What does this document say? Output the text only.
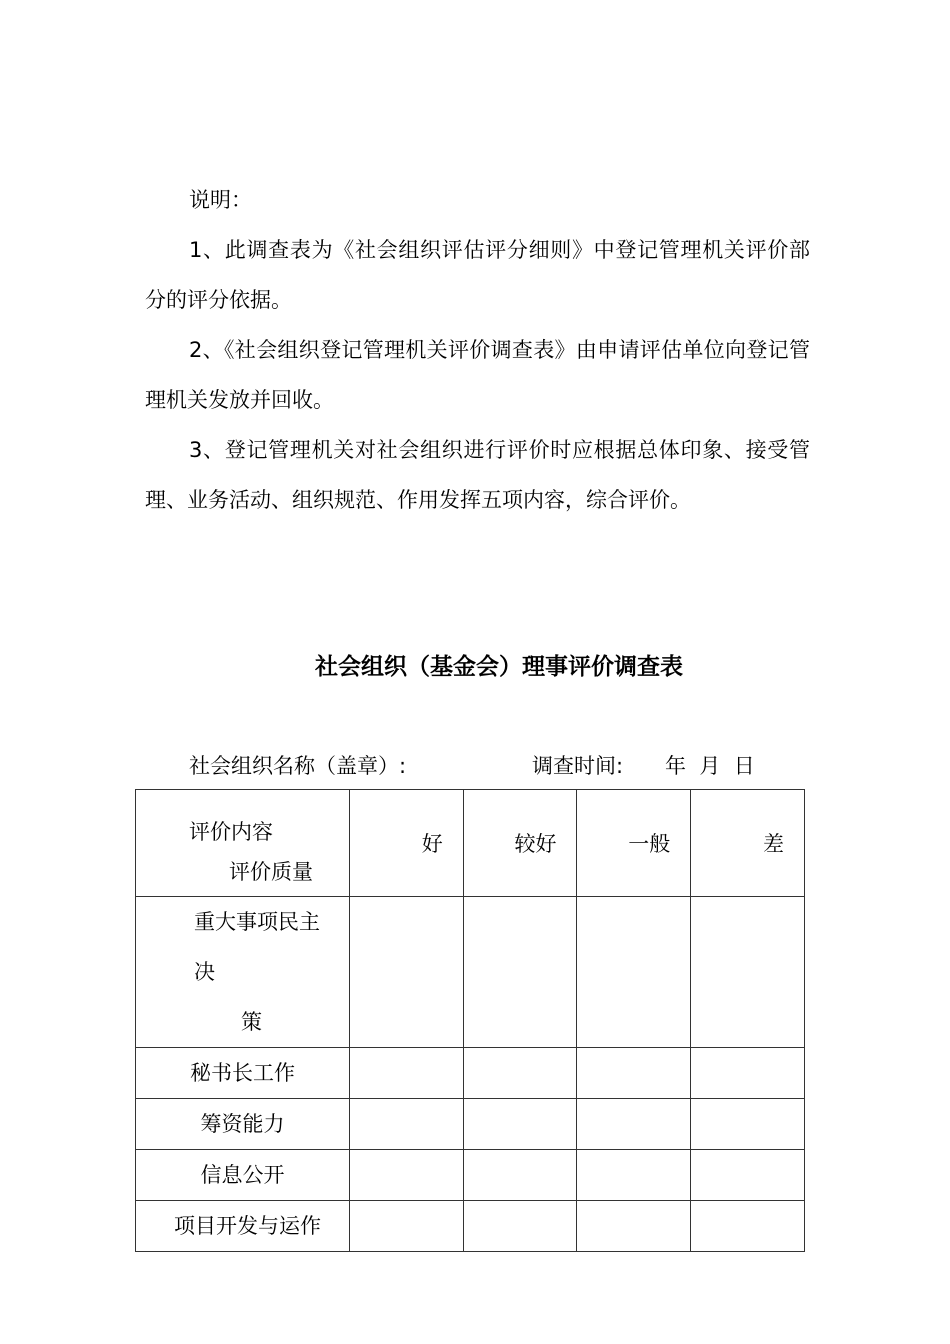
说明：
1、此调查表为《社会组织评估评分细则》中登记管理机关评价部分的评分依据。
2、《社会组织登记管理机关评价调查表》由申请评估单位向登记管理机关发放并回收。
3、登记管理机关对社会组织进行评价时应根据总体印象、接受管理、业务活动、组织规范、作用发挥五项内容，综合评价。
社会组织（基金会）理事评价调查表
社会组织名称（盖章）:	调查时间: 年  月  日
评价内容
评价质量	好	较好	一般	差
重大事项民主决
策				

秘书长工作				
筹资能力				
信息公开				
项目开发与运作				
